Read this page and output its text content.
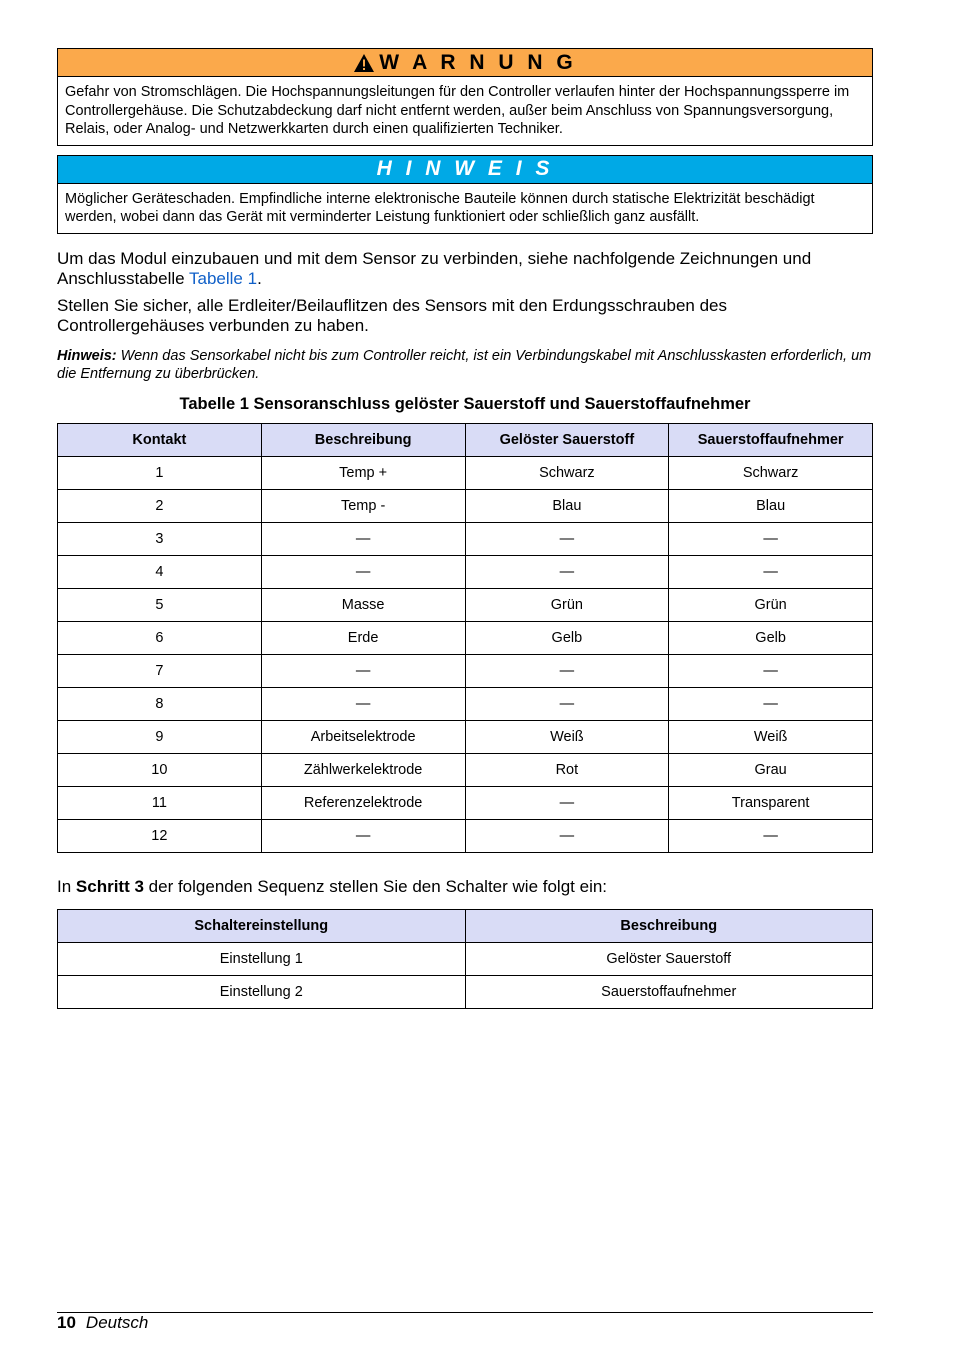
W A R N U N G
Gefahr von Stromschlägen. Die Hochspannungsleitungen für den Controller verlaufen hinter der Hochspannungssperre im Controllergehäuse. Die Schutzabdeckung darf nicht entfernt werden, außer beim Anschluss von Spannungsversorgung, Relais, oder Analog- und Netzwerkkarten durch einen qualifizierten Techniker.
H I N W E I S
Möglicher Geräteschaden. Empfindliche interne elektronische Bauteile können durch statische Elektrizität beschädigt werden, wobei dann das Gerät mit verminderter Leistung funktioniert oder schließlich ganz ausfällt.

Um das Modul einzubauen und mit dem Sensor zu verbinden, siehe nachfolgende Zeichnungen und Anschlusstabelle Tabelle 1.

Stellen Sie sicher, alle Erdleiter/Beilauflitzen des Sensors mit den Erdungsschrauben des Controllergehäuses verbunden zu haben.

Hinweis: Wenn das Sensorkabel nicht bis zum Controller reicht, ist ein Verbindungskabel mit Anschlusskasten erforderlich, um die Entfernung zu überbrücken.

Tabelle 1 Sensoranschluss gelöster Sauerstoff und Sauerstoffaufnehmer

Kontakt	Beschreibung	Gelöster Sauerstoff	Sauerstoffaufnehmer
1	Temp +	Schwarz	Schwarz
2	Temp -	Blau	Blau
3	—	—	—
4	—	—	—
5	Masse	Grün	Grün
6	Erde	Gelb	Gelb
7	—	—	—
8	—	—	—
9	Arbeitselektrode	Weiß	Weiß
10	Zählwerkelektrode	Rot	Grau
11	Referenzelektrode	—	Transparent
12	—	—	—

In Schritt 3 der folgenden Sequenz stellen Sie den Schalter wie folgt ein:

Schaltereinstellung	Beschreibung
Einstellung 1	Gelöster Sauerstoff
Einstellung 2	Sauerstoffaufnehmer
10 Deutsch
